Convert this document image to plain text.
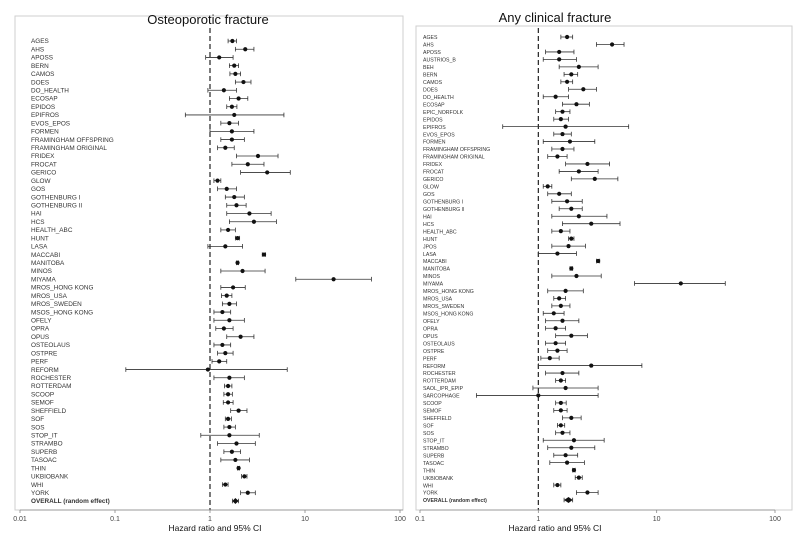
Osteoporotic fracture
AGES
AHS
APOSS
BERN
CAMOS
DOES
DO_HEALTH
ECOSAP
EPIDOS
EPIFROS
EVOS_EPOS
FORMEN
FRAMINGHAM OFFSPRING
FRAMINGHAM ORIGINAL
FRIDEX
FROCAT
GERICO
GLOW
GOS
GOTHENBURG I
GOTHENBURG II
HAI
HCS
HEALTH_ABC
HUNT
LASA
MACCABI
MANITOBA
MINOS
MIYAMA
MROS_HONG KONG
MROS_USA
MROS_SWEDEN
MSOS_HONG KONG
OFELY
OPRA
OPUS
OSTEOLAUS
OSTPRE
PERF
REFORM
ROCHESTER
ROTTERDAM
SCOOP
SEMOF
SHEFFIELD
SOF
SOS
STOP_IT
STRAMBO
SUPERB
TASOAC
THIN
UKBIOBANK
WHI
YORK
OVERALL (random effect)
0.01	0.1	1	10	100
Hazard ratio and 95% CI
Any clinical fracture
AGES
AHS
APOSS
AUSTRIOS_B
BEH
BERN
CAMOS
DOES
DO_HEALTH
ECOSAP
EPIC_NORFOLK
EPIDOS
EPIFROS
EVOS_EPOS
FORMEN
FRAMINGHAM OFFSPRING
FRAMINGHAM ORIGINAL
FRIDEX
FROCAT
GERICO
GLOW
GOS
GOTHENBURG I
GOTHENBURG II
HAI
HCS
HEALTH_ABC
HUNT
JPOS
LASA
MACCABI
MANITOBA
MINOS
MIYAMA
MROS_HONG KONG
MROS_USA
MROS_SWEDEN
MSOS_HONG KONG
OFELY
OPRA
OPUS
OSTEOLAUS
OSTPRE
PERF
REFORM
ROCHESTER
ROTTERDAM
SAOL_IPR_EPIP
SARCOPHAGE
SCOOP
SEMOF
SHEFFIELD
SOF
SOS
STOP_IT
STRAMBO
SUPERB
TASOAC
THIN
UKBIOBANK
WHI
YORK
OVERALL (random effect)
0.1	1	10	100
Hazard ratio and 95% CI
